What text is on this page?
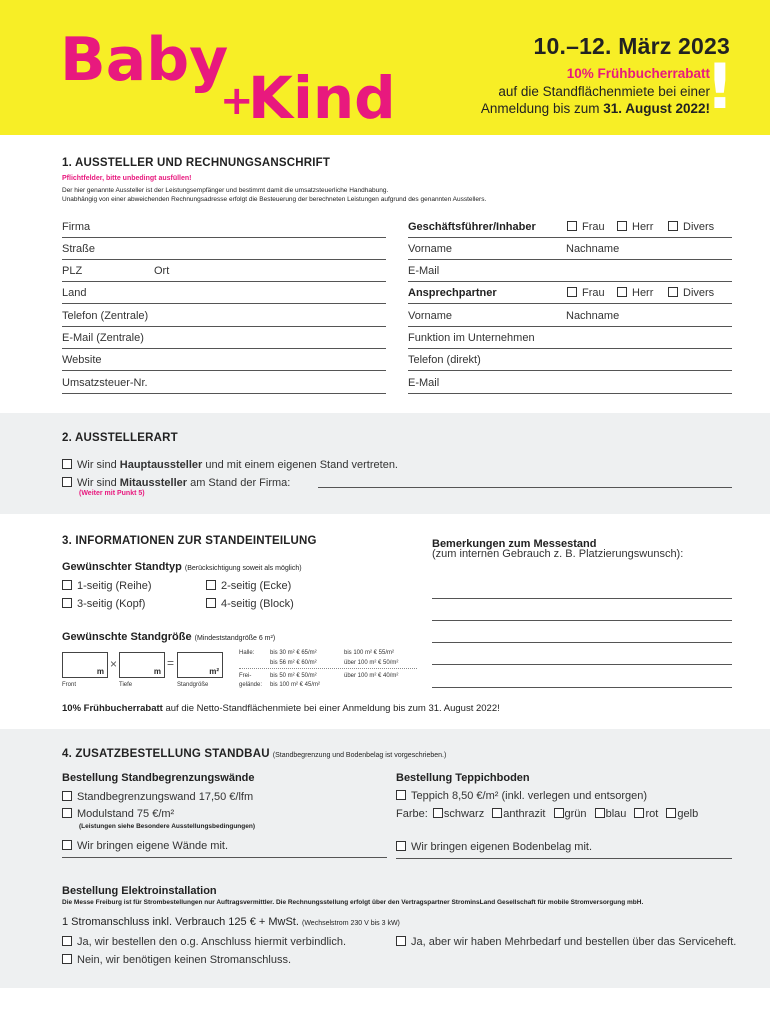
Baby
+
Kind
10.–12. März 2023
10% Frühbucherrabatt
auf die Standflächenmiete bei einer
Anmeldung bis zum 31. August 2022!
!
1. AUSSTELLER UND RECHNUNGSANSCHRIFT
Pflichtfelder, bitte unbedingt ausfüllen!
Der hier genannte Aussteller ist der Leistungsempfänger und bestimmt damit die umsatzsteuerliche Handhabung.
Unabhängig von einer abweichenden Rechnungsadresse erfolgt die Besteuerung der berechneten Leistungen aufgrund des genannten Ausstellers.
Firma
Straße
PLZ	Ort
Land
Telefon (Zentrale)
E-Mail (Zentrale)
Website
Umsatzsteuer-Nr.
Geschäftsführer/Inhaber	Frau	Herr	Divers
Vorname	Nachname
E-Mail
Ansprechpartner	Frau	Herr	Divers
Vorname	Nachname
Funktion im Unternehmen
Telefon (direkt)
E-Mail
2. AUSSTELLERART
Wir sind Hauptaussteller und mit einem eigenen Stand vertreten.
Wir sind Mitaussteller am Stand der Firma:
(Weiter mit Punkt 5)
3. INFORMATIONEN ZUR STANDEINTEILUNG
Gewünschter Standtyp (Berücksichtigung soweit als möglich)
1-seitig (Reihe)	2-seitig (Ecke)
3-seitig (Kopf)	4-seitig (Block)
Gewünschte Standgröße (Mindeststandgröße 6 m²)
m
×
m
=
m²
Front	Tiefe	Standgröße
Halle:	bis 30 m² € 65/m²	bis 100 m² € 55/m²
bis 56 m² € 60/m²	über 100 m² € 50/m²
Frei-
gelände:
bis 50 m² € 50/m²	über 100 m² € 40/m²
bis 100 m² € 45/m²
Bemerkungen zum Messestand
(zum internen Gebrauch z. B. Platzierungswunsch):
10% Frühbucherrabatt auf die Netto-Standflächenmiete bei einer Anmeldung bis zum 31. August 2022!
4. ZUSATZBESTELLUNG STANDBAU (Standbegrenzung und Bodenbelag ist vorgeschrieben.)
Bestellung Standbegrenzungswände
Standbegrenzungswand 17,50 €/lfm
Modulstand 75 €/m²
(Leistungen siehe Besondere Ausstellungsbedingungen)
Wir bringen eigene Wände mit.
Bestellung Teppichboden
Teppich 8,50 €/m² (inkl. verlegen und entsorgen)
Farbe: schwarz anthrazit grün blau rot gelb
Wir bringen eigenen Bodenbelag mit.
Bestellung Elektroinstallation
Die Messe Freiburg ist für Strombestellungen nur Auftragsvermittler. Die Rechnungsstellung erfolgt über den Vertragspartner StrominsLand Gesellschaft für mobile Stromversorgung mbH.
1 Stromanschluss inkl. Verbrauch 125 € + MwSt. (Wechselstrom 230 V bis 3 kW)
Ja, wir bestellen den o.g. Anschluss hiermit verbindlich.
Nein, wir benötigen keinen Stromanschluss.
Ja, aber wir haben Mehrbedarf und bestellen über das Serviceheft.
